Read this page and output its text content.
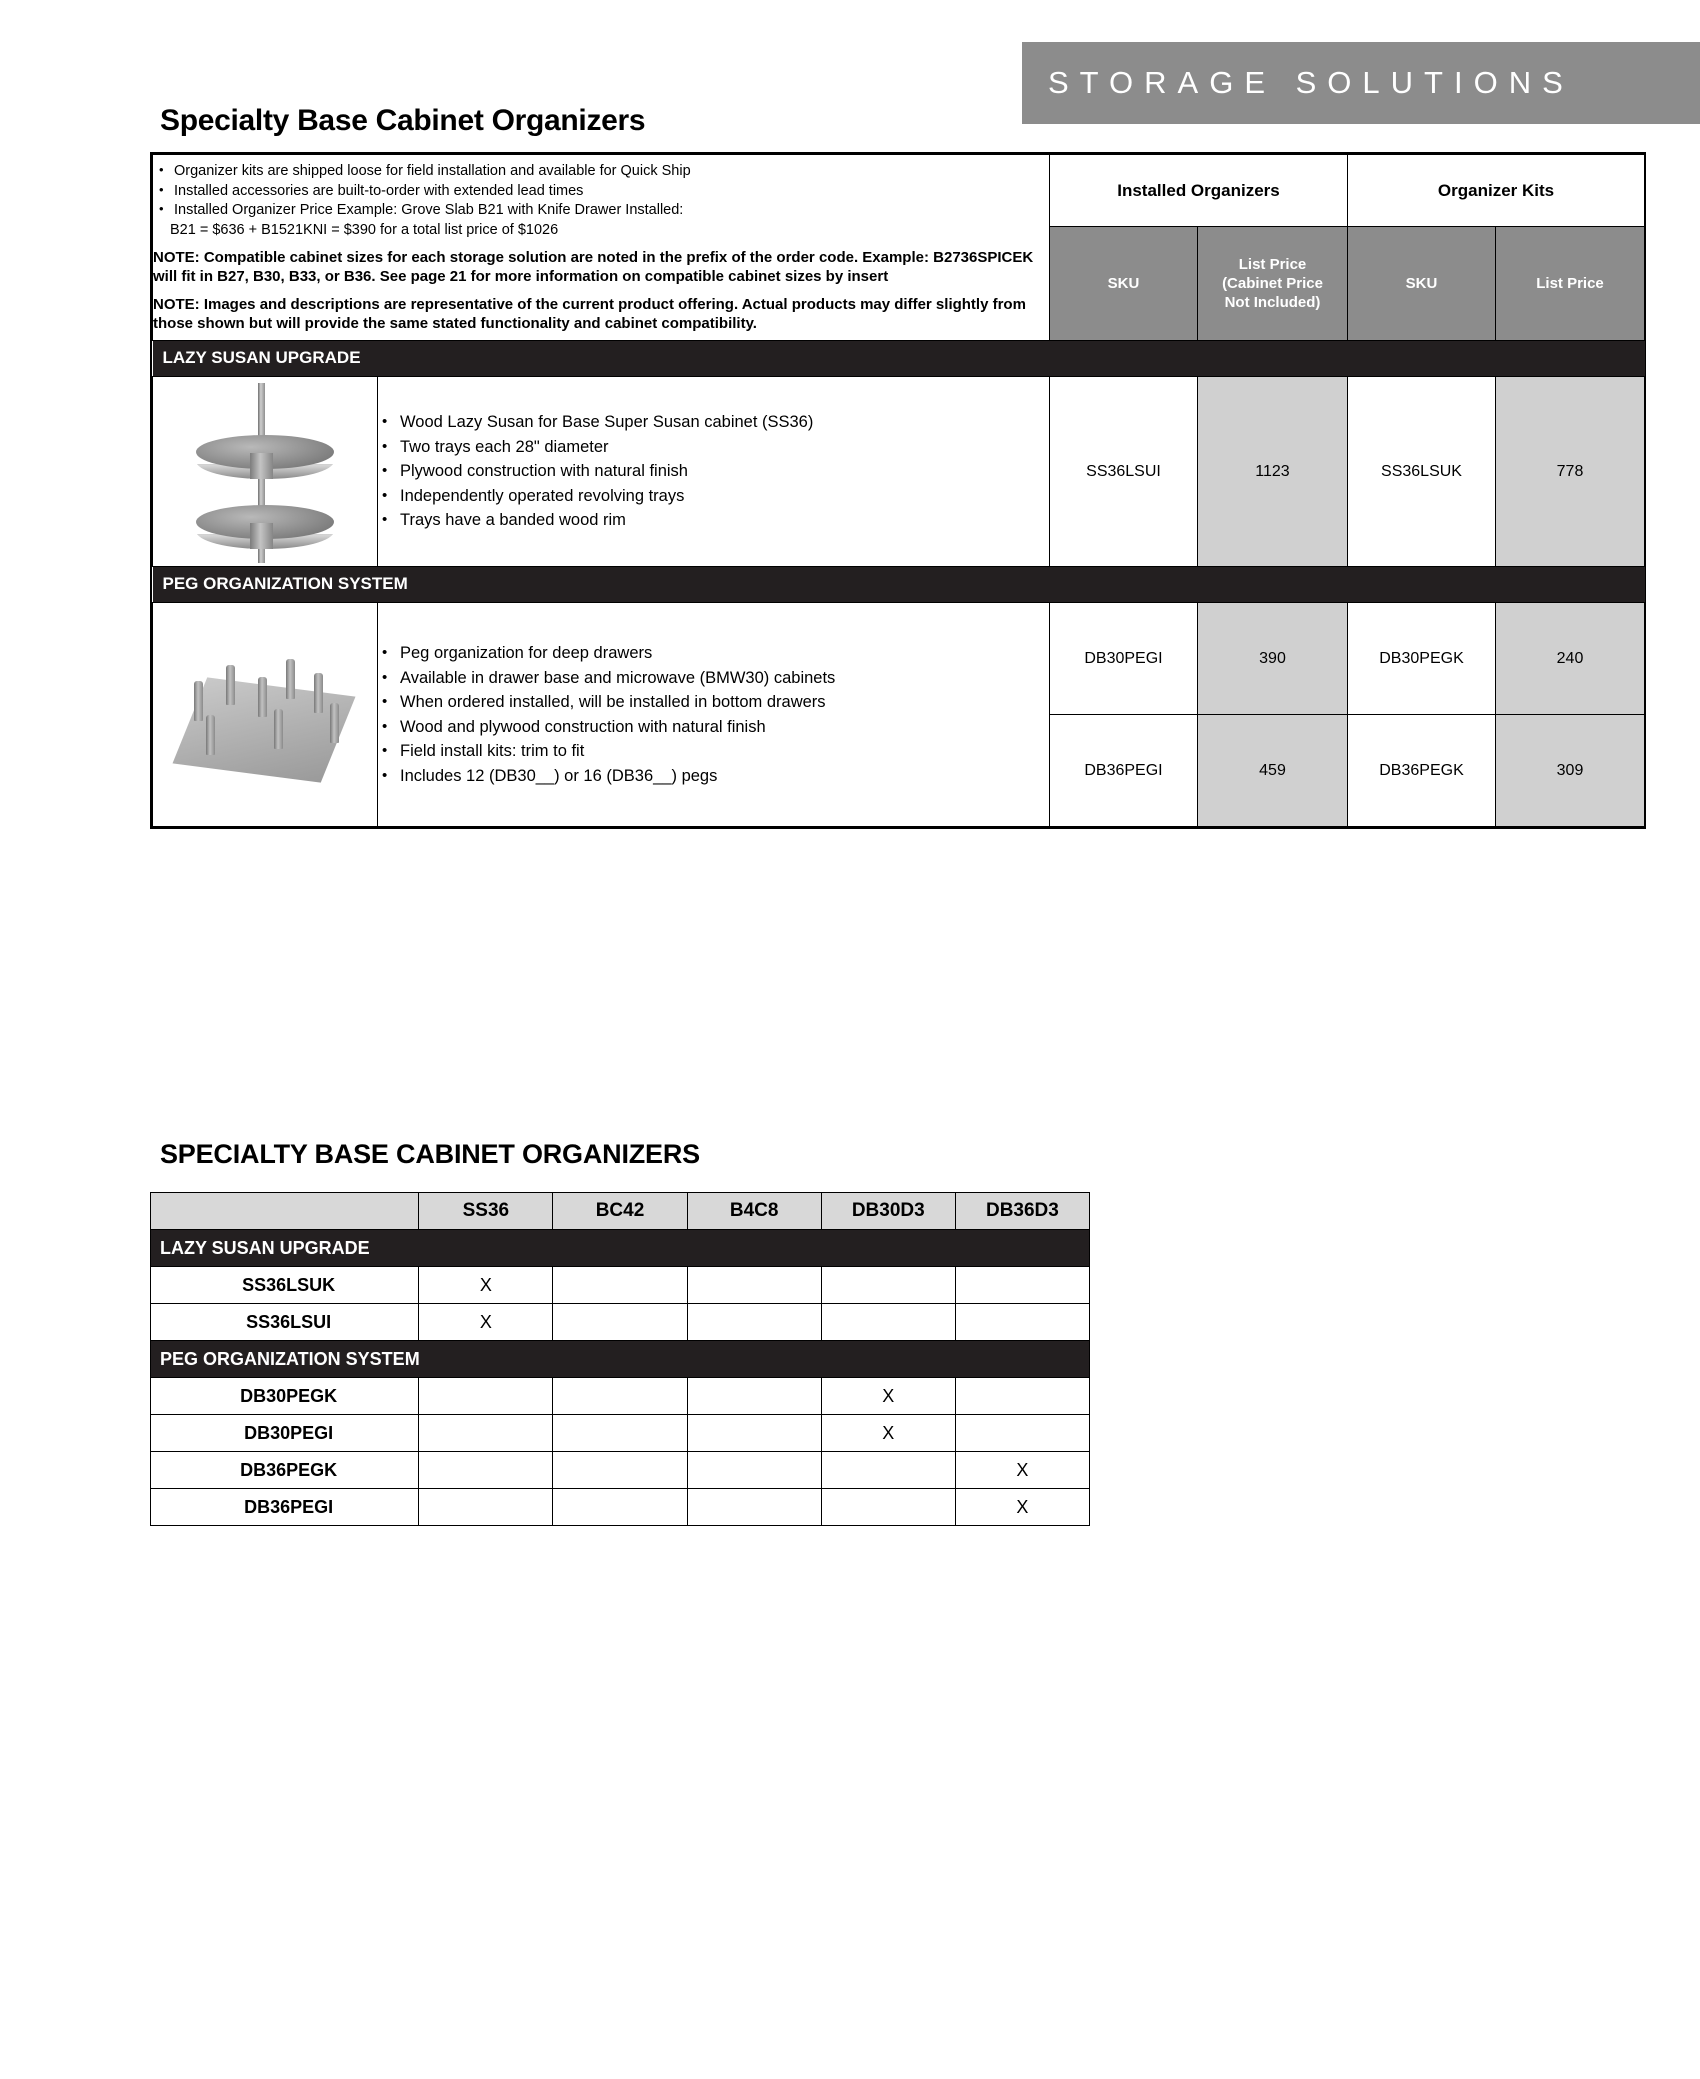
STORAGE SOLUTIONS
Specialty Base Cabinet Organizers
• Organizer kits are shipped loose for field installation and available for Quick Ship
• Installed accessories are built-to-order with extended lead times
• Installed Organizer Price Example: Grove Slab B21 with Knife Drawer Installed:
B21 = $636 + B1521KNI = $390 for a total list price of $1026
NOTE: Compatible cabinet sizes for each storage solution are noted in the prefix of the order code. Example: B2736SPICEK will fit in B27, B30, B33, or B36. See page 21 for more information on compatible cabinet sizes by insert
NOTE: Images and descriptions are representative of the current product offering. Actual products may differ slightly from those shown but will provide the same stated functionality and cabinet compatibility.
	Installed Organizers	Organizer Kits
		SKU	List Price
(Cabinet Price
Not Included)	SKU	List Price
LAZY SUSAN UPGRADE					

• Wood Lazy Susan for Base Super Susan cabinet (SS36)
• Two trays each 28" diameter
• Plywood construction with natural finish
• Independently operated revolving trays
• Trays have a banded wood rim
	SS36LSUI	1123	SS36LSUK	778
PEG ORGANIZATION SYSTEM					

• Peg organization for deep drawers
• Available in drawer base and microwave (BMW30) cabinets
• When ordered installed, will be installed in bottom drawers
• Wood and plywood construction with natural finish
• Field install kits: trim to fit
• Includes 12 (DB30__) or 16 (DB36__) pegs
	DB30PEGI	390	DB30PEGK	240
		DB36PEGI	459	DB36PEGK	309
SPECIALTY BASE CABINET ORGANIZERS
	SS36	BC42	B4C8	DB30D3	DB36D3
LAZY SUSAN UPGRADE					
SS36LSUK	X				
SS36LSUI	X				
PEG ORGANIZATION SYSTEM					
DB30PEGK				X	
DB30PEGI				X	
DB36PEGK					X
DB36PEGI					X
